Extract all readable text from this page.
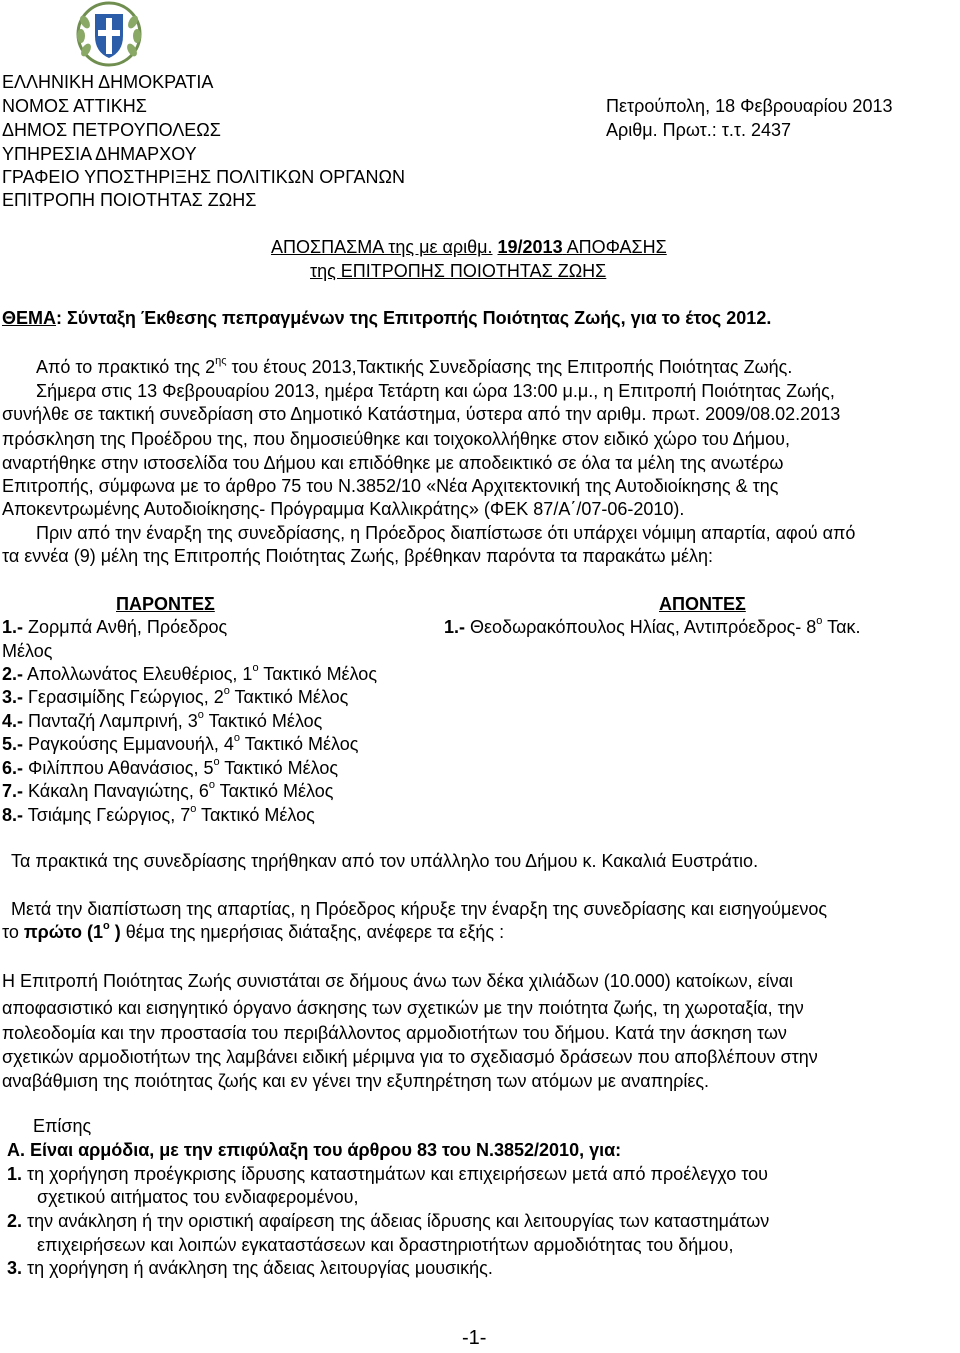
ΕΛΛΗΝΙΚΗ ΔΗΜΟΚΡΑΤΙΑ
ΝΟΜΟΣ ΑΤΤΙΚΗΣ
ΔΗΜΟΣ ΠΕΤΡΟΥΠΟΛΕΩΣ
ΥΠΗΡΕΣΙΑ ΔΗΜΑΡΧΟΥ
ΓΡΑΦΕΙΟ ΥΠΟΣΤΗΡΙΞΗΣ ΠΟΛΙΤΙΚΩΝ ΟΡΓΑΝΩΝ
ΕΠΙΤΡΟΠΗ ΠΟΙΟΤΗΤΑΣ ΖΩΗΣ
Πετρούπολη, 18 Φεβρουαρίου 2013
Αριθμ. Πρωτ.: τ.τ. 2437
ΑΠΟΣΠΑΣΜΑ της με αριθμ. 19/2013 ΑΠΟΦΑΣΗΣ
της ΕΠΙΤΡΟΠΗΣ ΠΟΙΟΤΗΤΑΣ ΖΩΗΣ
ΘΕΜΑ: Σύνταξη Έκθεσης πεπραγμένων της Επιτροπής Ποιότητας Ζωής, για το έτος 2012.
Από το πρακτικό της $2^{\eta\varsigma}$ του έτους 2013,Τακτικής Συνεδρίασης της Επιτροπής Ποιότητας Ζωής.
Σήμερα στις 13 Φεβρουαρίου 2013, ημέρα Τετάρτη και ώρα 13:00 μ.μ., η Επιτροπή Ποιότητας Ζωής,
συνήλθε σε τακτική συνεδρίαση στο Δημοτικό Κατάστημα, ύστερα από την αριθμ. πρωτ. 2009/08.02.2013
πρόσκληση της Προέδρου της, που δημοσιεύθηκε και τοιχοκολλήθηκε στον ειδικό χώρο του Δήμου,
αναρτήθηκε στην ιστοσελίδα του Δήμου και επιδόθηκε με αποδεικτικό σε όλα τα μέλη της ανωτέρω
Επιτροπής, σύμφωνα με το άρθρο 75 του Ν.3852/10 «Νέα Αρχιτεκτονική της Αυτοδιοίκησης & της
Αποκεντρωμένης Αυτοδιοίκησης- Πρόγραμμα Καλλικράτης» (ΦΕΚ 87/Α΄/07-06-2010).
Πριν από την έναρξη της συνεδρίασης, η Πρόεδρος διαπίστωσε ότι υπάρχει νόμιμη απαρτία, αφού από
τα εννέα (9) μέλη της Επιτροπής Ποιότητας Ζωής, βρέθηκαν παρόντα τα παρακάτω μέλη:
ΠΑΡΟΝΤΕΣ	ΑΠΟΝΤΕΣ
1.- Ζορμπά Ανθή, Πρόεδρος
Μέλος
2.- Απολλωνάτος Ελευθέριος, $1^o$ Τακτικό Μέλος
3.- Γερασιμίδης Γεώργιος, $2^o$ Τακτικό Μέλος
4.- Πανταζή Λαμπρινή, $3^o$ Τακτικό Μέλος
5.- Ραγκούσης Εμμανουήλ, $4^o$ Τακτικό Μέλος
6.- Φιλίππου Αθανάσιος, $5^o$ Τακτικό Μέλος
7.- Κάκαλη Παναγιώτης, $6^o$ Τακτικό Μέλος
8.- Τσιάμης Γεώργιος, $7^o$ Τακτικό Μέλος
1.- Θεοδωρακόπουλος Ηλίας, Αντιπρόεδρος- $8^o$ Τακ.
Τα πρακτικά της συνεδρίασης τηρήθηκαν από τον υπάλληλο του Δήμου κ. Κακαλιά Ευστράτιο.
Μετά την διαπίστωση της απαρτίας, η Πρόεδρος κήρυξε την έναρξη της συνεδρίασης και εισηγούμενος
το πρώτο ($1^o$ ) θέμα της ημερήσιας διάταξης, ανέφερε τα εξής :
Η Επιτροπή Ποιότητας Ζωής συνιστάται σε δήμους άνω των δέκα χιλιάδων (10.000) κατοίκων, είναι
αποφασιστικό και εισηγητικό όργανο άσκησης των σχετικών με την ποιότητα ζωής, τη χωροταξία, την
πολεοδομία και την προστασία του περιβάλλοντος αρμοδιοτήτων του δήμου. Κατά την άσκηση των
σχετικών αρμοδιοτήτων της λαμβάνει ειδική μέριμνα για το σχεδιασμό δράσεων που αποβλέπουν στην
αναβάθμιση της ποιότητας ζωής και εν γένει την εξυπηρέτηση των ατόμων με αναπηρίες.
Επίσης
Α. Είναι αρμόδια, με την επιφύλαξη του άρθρου 83 του Ν.3852/2010, για:
1. τη χορήγηση προέγκρισης ίδρυσης καταστημάτων και επιχειρήσεων μετά από προέλεγχο του
σχετικού αιτήματος του ενδιαφερομένου,
2. την ανάκληση ή την οριστική αφαίρεση της άδειας ίδρυσης και λειτουργίας των καταστημάτων
επιχειρήσεων και λοιπών εγκαταστάσεων και δραστηριοτήτων αρμοδιότητας του δήμου,
3. τη χορήγηση ή ανάκληση της άδειας λειτουργίας μουσικής.
-1-
